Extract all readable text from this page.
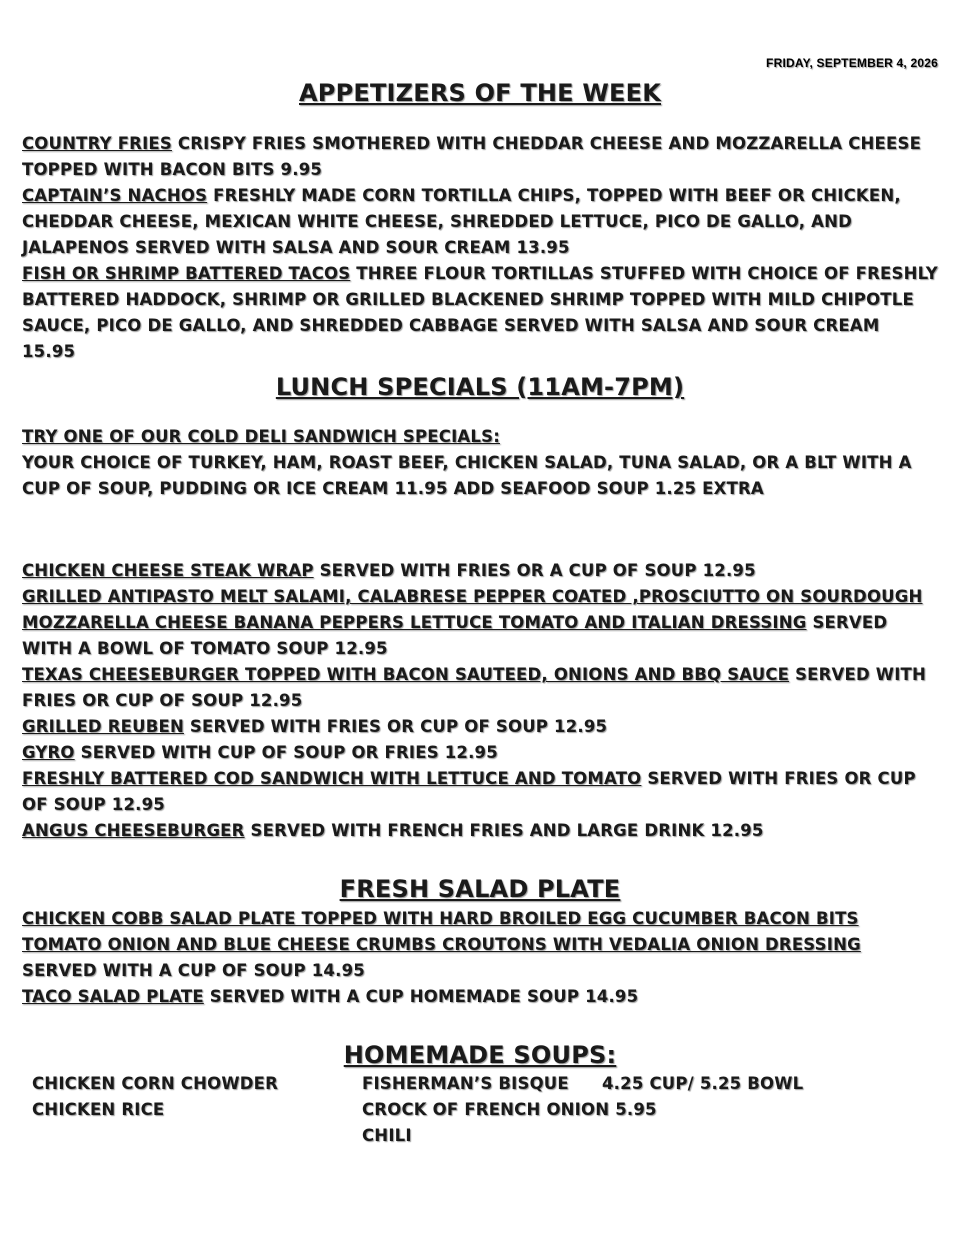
FRIDAY, SEPTEMBER 4, 2026
APPETIZERS OF THE WEEK

COUNTRY FRIES CRISPY FRIES SMOTHERED WITH CHEDDAR CHEESE AND MOZZARELLA CHEESE TOPPED WITH BACON BITS 9.95

CAPTAIN’S NACHOS FRESHLY MADE CORN TORTILLA CHIPS, TOPPED WITH BEEF OR CHICKEN, CHEDDAR CHEESE, MEXICAN WHITE CHEESE, SHREDDED LETTUCE, PICO DE GALLO, AND JALAPENOS SERVED WITH SALSA AND SOUR CREAM 13.95

FISH OR SHRIMP BATTERED TACOS THREE FLOUR TORTILLAS STUFFED WITH CHOICE OF FRESHLY BATTERED HADDOCK, SHRIMP OR GRILLED BLACKENED SHRIMP TOPPED WITH MILD CHIPOTLE SAUCE, PICO DE GALLO, AND SHREDDED CABBAGE SERVED WITH SALSA AND SOUR CREAM 15.95

LUNCH SPECIALS (11AM-7PM)

TRY ONE OF OUR COLD DELI SANDWICH SPECIALS:

YOUR CHOICE OF TURKEY, HAM, ROAST BEEF, CHICKEN SALAD, TUNA SALAD, OR A BLT WITH A CUP OF SOUP, PUDDING OR ICE CREAM 11.95 ADD SEAFOOD SOUP 1.25 EXTRA

CHICKEN CHEESE STEAK WRAP SERVED WITH FRIES OR A CUP OF SOUP 12.95

GRILLED ANTIPASTO MELT SALAMI, CALABRESE PEPPER COATED ,PROSCIUTTO ON SOURDOUGH MOZZARELLA CHEESE BANANA PEPPERS LETTUCE TOMATO AND ITALIAN DRESSING SERVED WITH A BOWL OF TOMATO SOUP 12.95

TEXAS CHEESEBURGER TOPPED WITH BACON SAUTEED, ONIONS AND BBQ SAUCE SERVED WITH FRIES OR CUP OF SOUP 12.95

GRILLED REUBEN SERVED WITH FRIES OR CUP OF SOUP 12.95

GYRO SERVED WITH CUP OF SOUP OR FRIES 12.95

FRESHLY BATTERED COD SANDWICH WITH LETTUCE AND TOMATO SERVED WITH FRIES OR CUP OF SOUP 12.95

ANGUS CHEESEBURGER SERVED WITH FRENCH FRIES AND LARGE DRINK 12.95

FRESH SALAD PLATE

CHICKEN COBB SALAD PLATE TOPPED WITH HARD BROILED EGG CUCUMBER BACON BITS TOMATO ONION AND BLUE CHEESE CRUMBS CROUTONS WITH VEDALIA ONION DRESSING SERVED WITH A CUP OF SOUP 14.95

TACO SALAD PLATE SERVED WITH A CUP HOMEMADE SOUP 14.95

HOMEMADE SOUPS:
CHICKEN CORN CHOWDER
CHICKEN RICE
FISHERMAN’S BISQUE 4.25 CUP/ 5.25 BOWL
CROCK OF FRENCH ONION 5.95
CHILI
